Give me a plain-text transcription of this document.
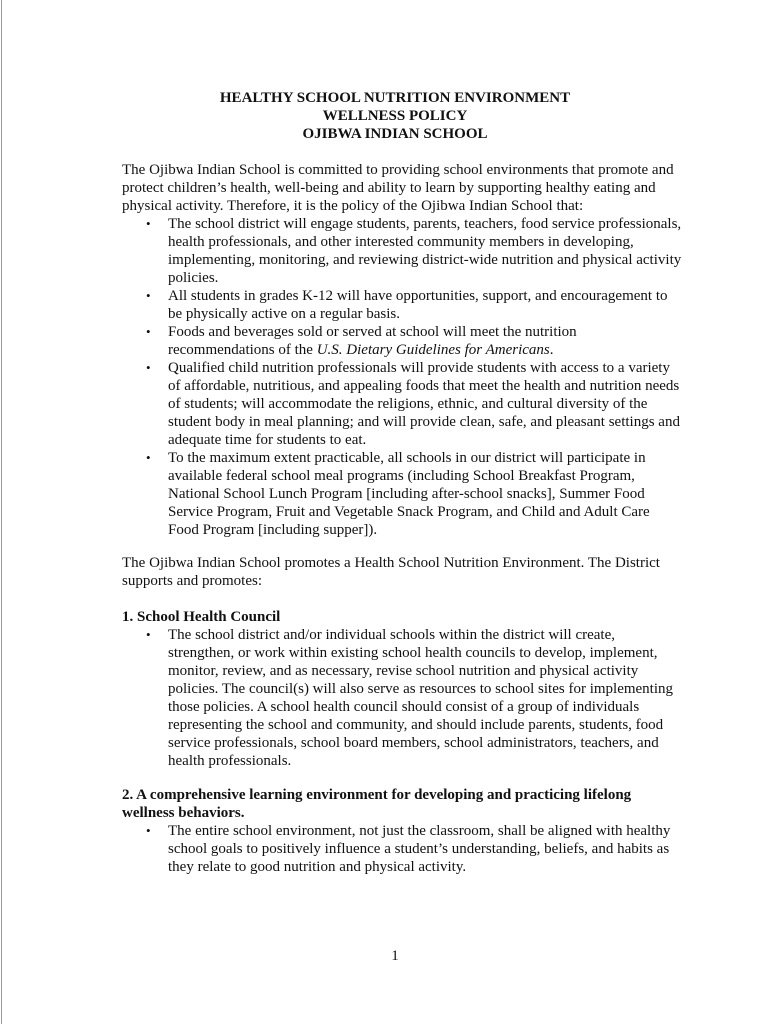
HEALTHY SCHOOL NUTRITION ENVIRONMENT
WELLNESS POLICY
OJIBWA INDIAN SCHOOL
The Ojibwa Indian School is committed to providing school environments that promote and protect children’s health, well-being and ability to learn by supporting healthy eating and physical activity. Therefore, it is the policy of the Ojibwa Indian School that:
• The school district will engage students, parents, teachers, food service professionals, health professionals, and other interested community members in developing, implementing, monitoring, and reviewing district-wide nutrition and physical activity policies.
• All students in grades K-12 will have opportunities, support, and encouragement to be physically active on a regular basis.
• Foods and beverages sold or served at school will meet the nutrition recommendations of the U.S. Dietary Guidelines for Americans.
• Qualified child nutrition professionals will provide students with access to a variety of affordable, nutritious, and appealing foods that meet the health and nutrition needs of students; will accommodate the religions, ethnic, and cultural diversity of the student body in meal planning; and will provide clean, safe, and pleasant settings and adequate time for students to eat.
• To the maximum extent practicable, all schools in our district will participate in available federal school meal programs (including School Breakfast Program, National School Lunch Program [including after-school snacks], Summer Food Service Program, Fruit and Vegetable Snack Program, and Child and Adult Care Food Program [including supper]).
The Ojibwa Indian School promotes a Health School Nutrition Environment. The District supports and promotes:
1. School Health Council
• The school district and/or individual schools within the district will create, strengthen, or work within existing school health councils to develop, implement, monitor, review, and as necessary, revise school nutrition and physical activity policies. The council(s) will also serve as resources to school sites for implementing those policies. A school health council should consist of a group of individuals representing the school and community, and should include parents, students, food service professionals, school board members, school administrators, teachers, and health professionals.
2. A comprehensive learning environment for developing and practicing lifelong wellness behaviors.
• The entire school environment, not just the classroom, shall be aligned with healthy school goals to positively influence a student’s understanding, beliefs, and habits as they relate to good nutrition and physical activity.
1
